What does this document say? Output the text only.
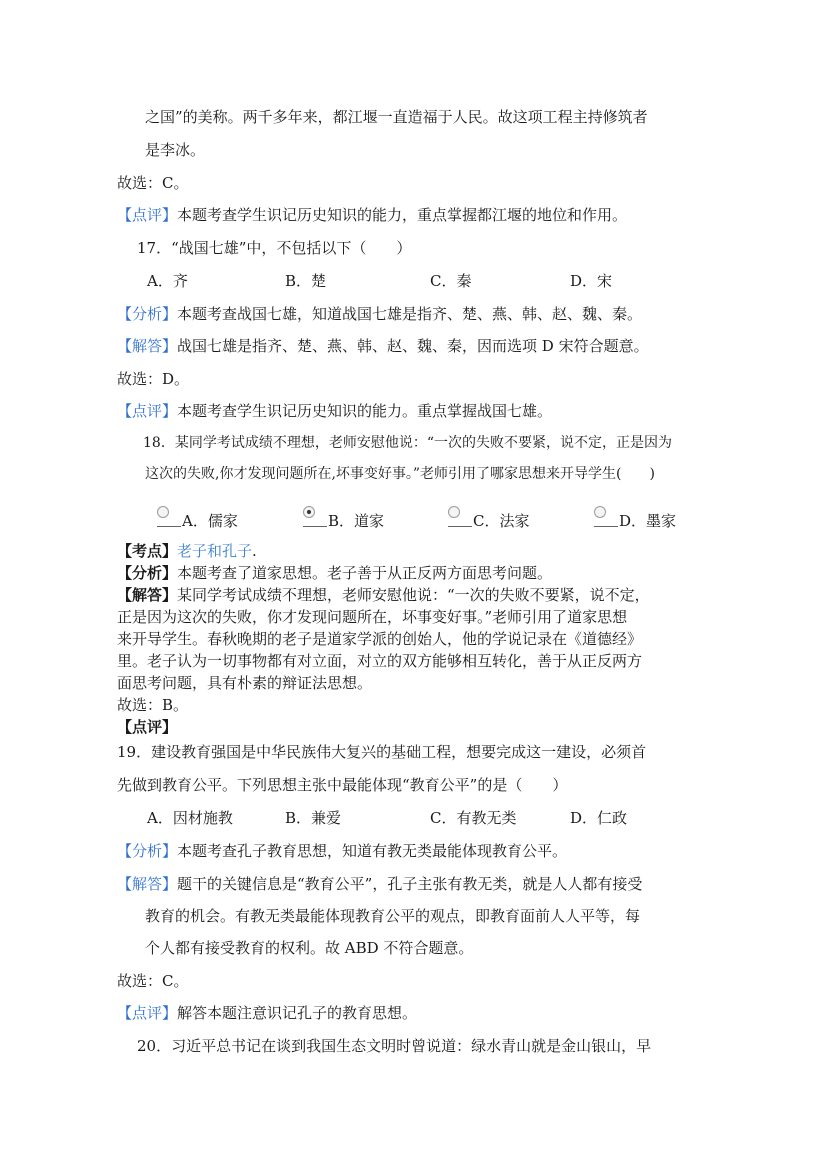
之国”的美称。两千多年来，都江堰一直造福于人民。故这项工程主持修筑者
是李冰。
故选：C。
【点评】本题考查学生识记历史知识的能力，重点掌握都江堰的地位和作用。
17．“战国七雄”中，不包括以下（　　）
A．齐	B．楚	C．秦	D．宋
【分析】本题考查战国七雄，知道战国七雄是指齐、楚、燕、韩、赵、魏、秦。
【解答】战国七雄是指齐、楚、燕、韩、赵、魏、秦，因而选项 D 宋符合题意。
故选：D。
【点评】本题考查学生识记历史知识的能力。重点掌握战国七雄。
18．某同学考试成绩不理想，老师安慰他说：“一次的失败不要紧，说不定，正是因为
这次的失败,你才发现问题所在,坏事变好事。”老师引用了哪家思想来开导学生(　　)
A．儒家	B．道家	C．法家	D．墨家
【考点】老子和孔子.
【分析】本题考查了道家思想。老子善于从正反两方面思考问题。
【解答】某同学考试成绩不理想，老师安慰他说：“一次的失败不要紧，说不定，
正是因为这次的失败，你才发现问题所在，坏事变好事。”老师引用了道家思想
来开导学生。春秋晚期的老子是道家学派的创始人，他的学说记录在《道德经》
里。老子认为一切事物都有对立面，对立的双方能够相互转化，善于从正反两方
面思考问题，具有朴素的辩证法思想。
故选：B。
【点评】
19．建设教育强国是中华民族伟大复兴的基础工程，想要完成这一建设，必须首
先做到教育公平。下列思想主张中最能体现“教育公平”的是（　　）
A．因材施教	B．兼爱	C．有教无类	D．仁政
【分析】本题考查孔子教育思想，知道有教无类最能体现教育公平。
【解答】题干的关键信息是“教育公平”，孔子主张有教无类，就是人人都有接受
教育的机会。有教无类最能体现教育公平的观点，即教育面前人人平等，每
个人都有接受教育的权利。故 ABD 不符合题意。
故选：C。
【点评】解答本题注意识记孔子的教育思想。
20．习近平总书记在谈到我国生态文明时曾说道：绿水青山就是金山银山，早
